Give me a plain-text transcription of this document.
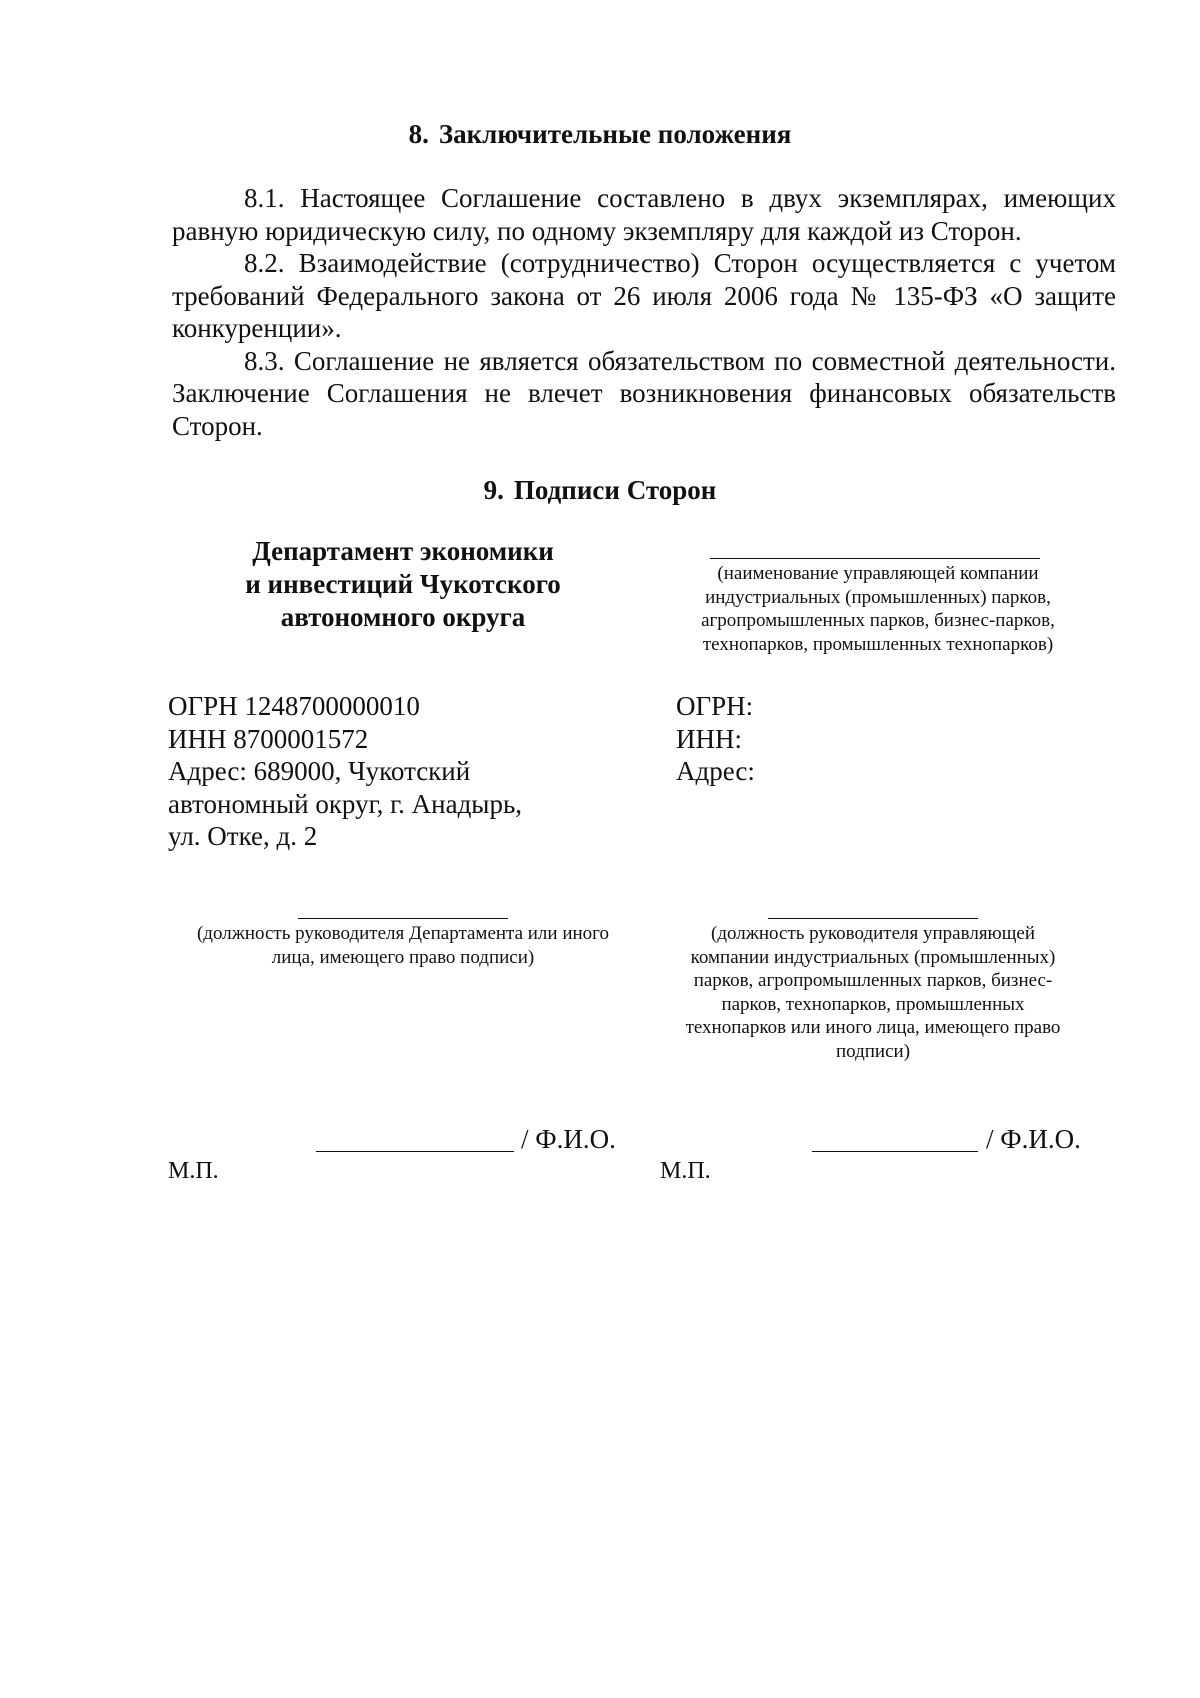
8. Заключительные положения

8.1. Настоящее Соглашение составлено в двух экземплярах, имеющих равную юридическую силу, по одному экземпляру для каждой из Сторон.

8.2. Взаимодействие (сотрудничество) Сторон осуществляется с учетом требований Федерального закона от 26 июля 2006 года № 135-ФЗ «О защите конкуренции».

8.3. Соглашение не является обязательством по совместной деятельности. Заключение Соглашения не влечет возникновения финансовых обязательств Сторон.

9. Подписи Сторон
Департамент экономики
и инвестиций Чукотского
автономного округа
(наименование управляющей компании
индустриальных (промышленных) парков,
агропромышленных парков, бизнес-парков,
технопарков, промышленных технопарков)
ОГРН 1248700000010
ИНН 8700001572
Адрес: 689000, Чукотский
автономный округ, г. Анадырь,
ул. Отке, д. 2
ОГРН:
ИНН:
Адрес:
(должность руководителя Департамента или иного
лица, имеющего право подписи)
(должность руководителя управляющей
компании индустриальных (промышленных)
парков, агропромышленных парков, бизнес-
парков, технопарков, промышленных
технопарков или иного лица, имеющего право
подписи)
/ Ф.И.О.	/ Ф.И.О.
М.П.	М.П.
